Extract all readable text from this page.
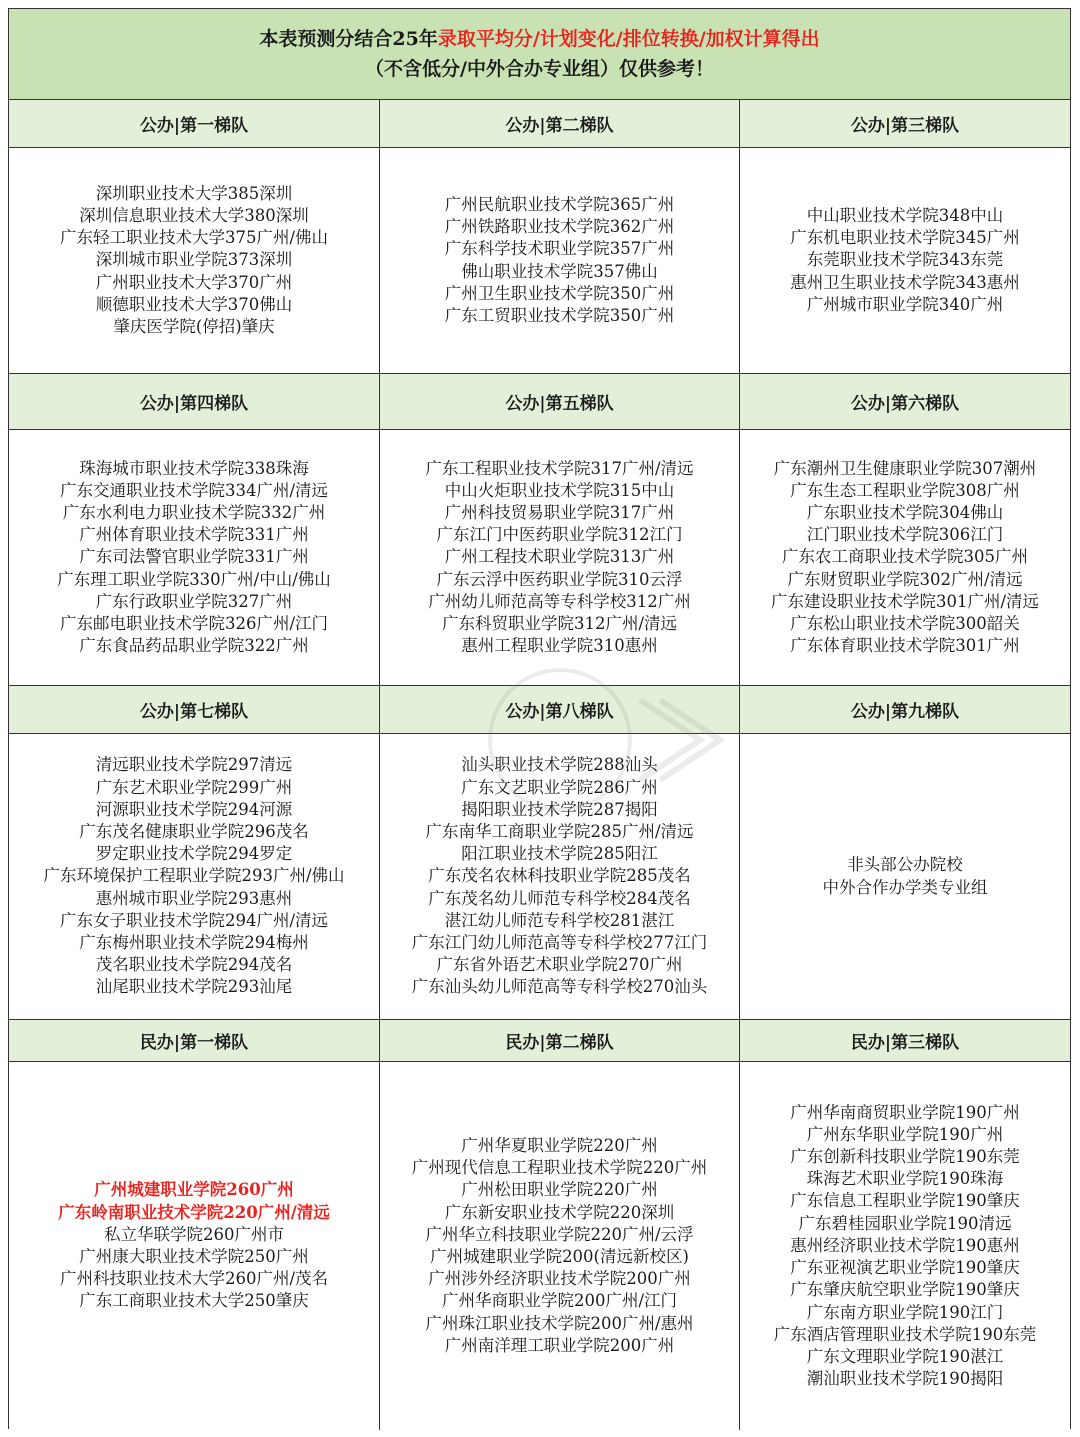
本表预测分结合25年录取平均分/计划变化/排位转换/加权计算得出
（不含低分/中外合办专业组）仅供参考！
公办|第一梯队
深圳职业技术大学385深圳
深圳信息职业技术大学380深圳
广东轻工职业技术大学375广州/佛山
深圳城市职业学院373深圳
广州职业技术大学370广州
顺德职业技术大学370佛山
肇庆医学院(停招)肇庆
公办|第二梯队
广州民航职业技术学院365广州
广州铁路职业技术学院362广州
广东科学技术职业学院357广州
佛山职业技术学院357佛山
广州卫生职业技术学院350广州
广东工贸职业技术学院350广州
公办|第三梯队
中山职业技术学院348中山
广东机电职业技术学院345广州
东莞职业技术学院343东莞
惠州卫生职业技术学院343惠州
广州城市职业学院340广州
公办|第四梯队
珠海城市职业技术学院338珠海
广东交通职业技术学院334广州/清远
广东水利电力职业技术学院332广州
广州体育职业技术学院331广州
广东司法警官职业学院331广州
广东理工职业学院330广州/中山/佛山
广东行政职业学院327广州
广东邮电职业技术学院326广州/江门
广东食品药品职业学院322广州
公办|第五梯队
广东工程职业技术学院317广州/清远
中山火炬职业技术学院315中山
广州科技贸易职业学院317广州
广东江门中医药职业学院312江门
广州工程技术职业学院313广州
广东云浮中医药职业学院310云浮
广州幼儿师范高等专科学校312广州
广东科贸职业学院312广州/清远
惠州工程职业学院310惠州
公办|第六梯队
广东潮州卫生健康职业学院307潮州
广东生态工程职业学院308广州
广东职业技术学院304佛山
江门职业技术学院306江门
广东农工商职业技术学院305广州
广东财贸职业学院302广州/清远
广东建设职业技术学院301广州/清远
广东松山职业技术学院300韶关
广东体育职业技术学院301广州
公办|第七梯队
清远职业技术学院297清远
广东艺术职业学院299广州
河源职业技术学院294河源
广东茂名健康职业学院296茂名
罗定职业技术学院294罗定
广东环境保护工程职业学院293广州/佛山
惠州城市职业学院293惠州
广东女子职业技术学院294广州/清远
广东梅州职业技术学院294梅州
茂名职业技术学院294茂名
汕尾职业技术学院293汕尾
公办|第八梯队
汕头职业技术学院288汕头
广东文艺职业学院286广州
揭阳职业技术学院287揭阳
广东南华工商职业学院285广州/清远
阳江职业技术学院285阳江
广东茂名农林科技职业学院285茂名
广东茂名幼儿师范专科学校284茂名
湛江幼儿师范专科学校281湛江
广东江门幼儿师范高等专科学校277江门
广东省外语艺术职业学院270广州
广东汕头幼儿师范高等专科学校270汕头
公办|第九梯队
非头部公办院校
中外合作办学类专业组
民办|第一梯队
广州城建职业学院260广州
广东岭南职业技术学院220广州/清远
私立华联学院260广州市
广州康大职业技术学院250广州
广州科技职业技术大学260广州/茂名
广东工商职业技术大学250肇庆
民办|第二梯队
广州华夏职业学院220广州
广州现代信息工程职业技术学院220广州
广州松田职业学院220广州
广东新安职业技术学院220深圳
广州华立科技职业学院220广州/云浮
广州城建职业学院200(清远新校区)
广州涉外经济职业技术学院200广州
广州华商职业学院200广州/江门
广州珠江职业技术学院200广州/惠州
广州南洋理工职业学院200广州
民办|第三梯队
广州华南商贸职业学院190广州
广州东华职业学院190广州
广东创新科技职业学院190东莞
珠海艺术职业学院190珠海
广东信息工程职业学院190肇庆
广东碧桂园职业学院190清远
惠州经济职业技术学院190惠州
广东亚视演艺职业学院190肇庆
广东肇庆航空职业学院190肇庆
广东南方职业学院190江门
广东酒店管理职业技术学院190东莞
广东文理职业学院190湛江
潮汕职业技术学院190揭阳
